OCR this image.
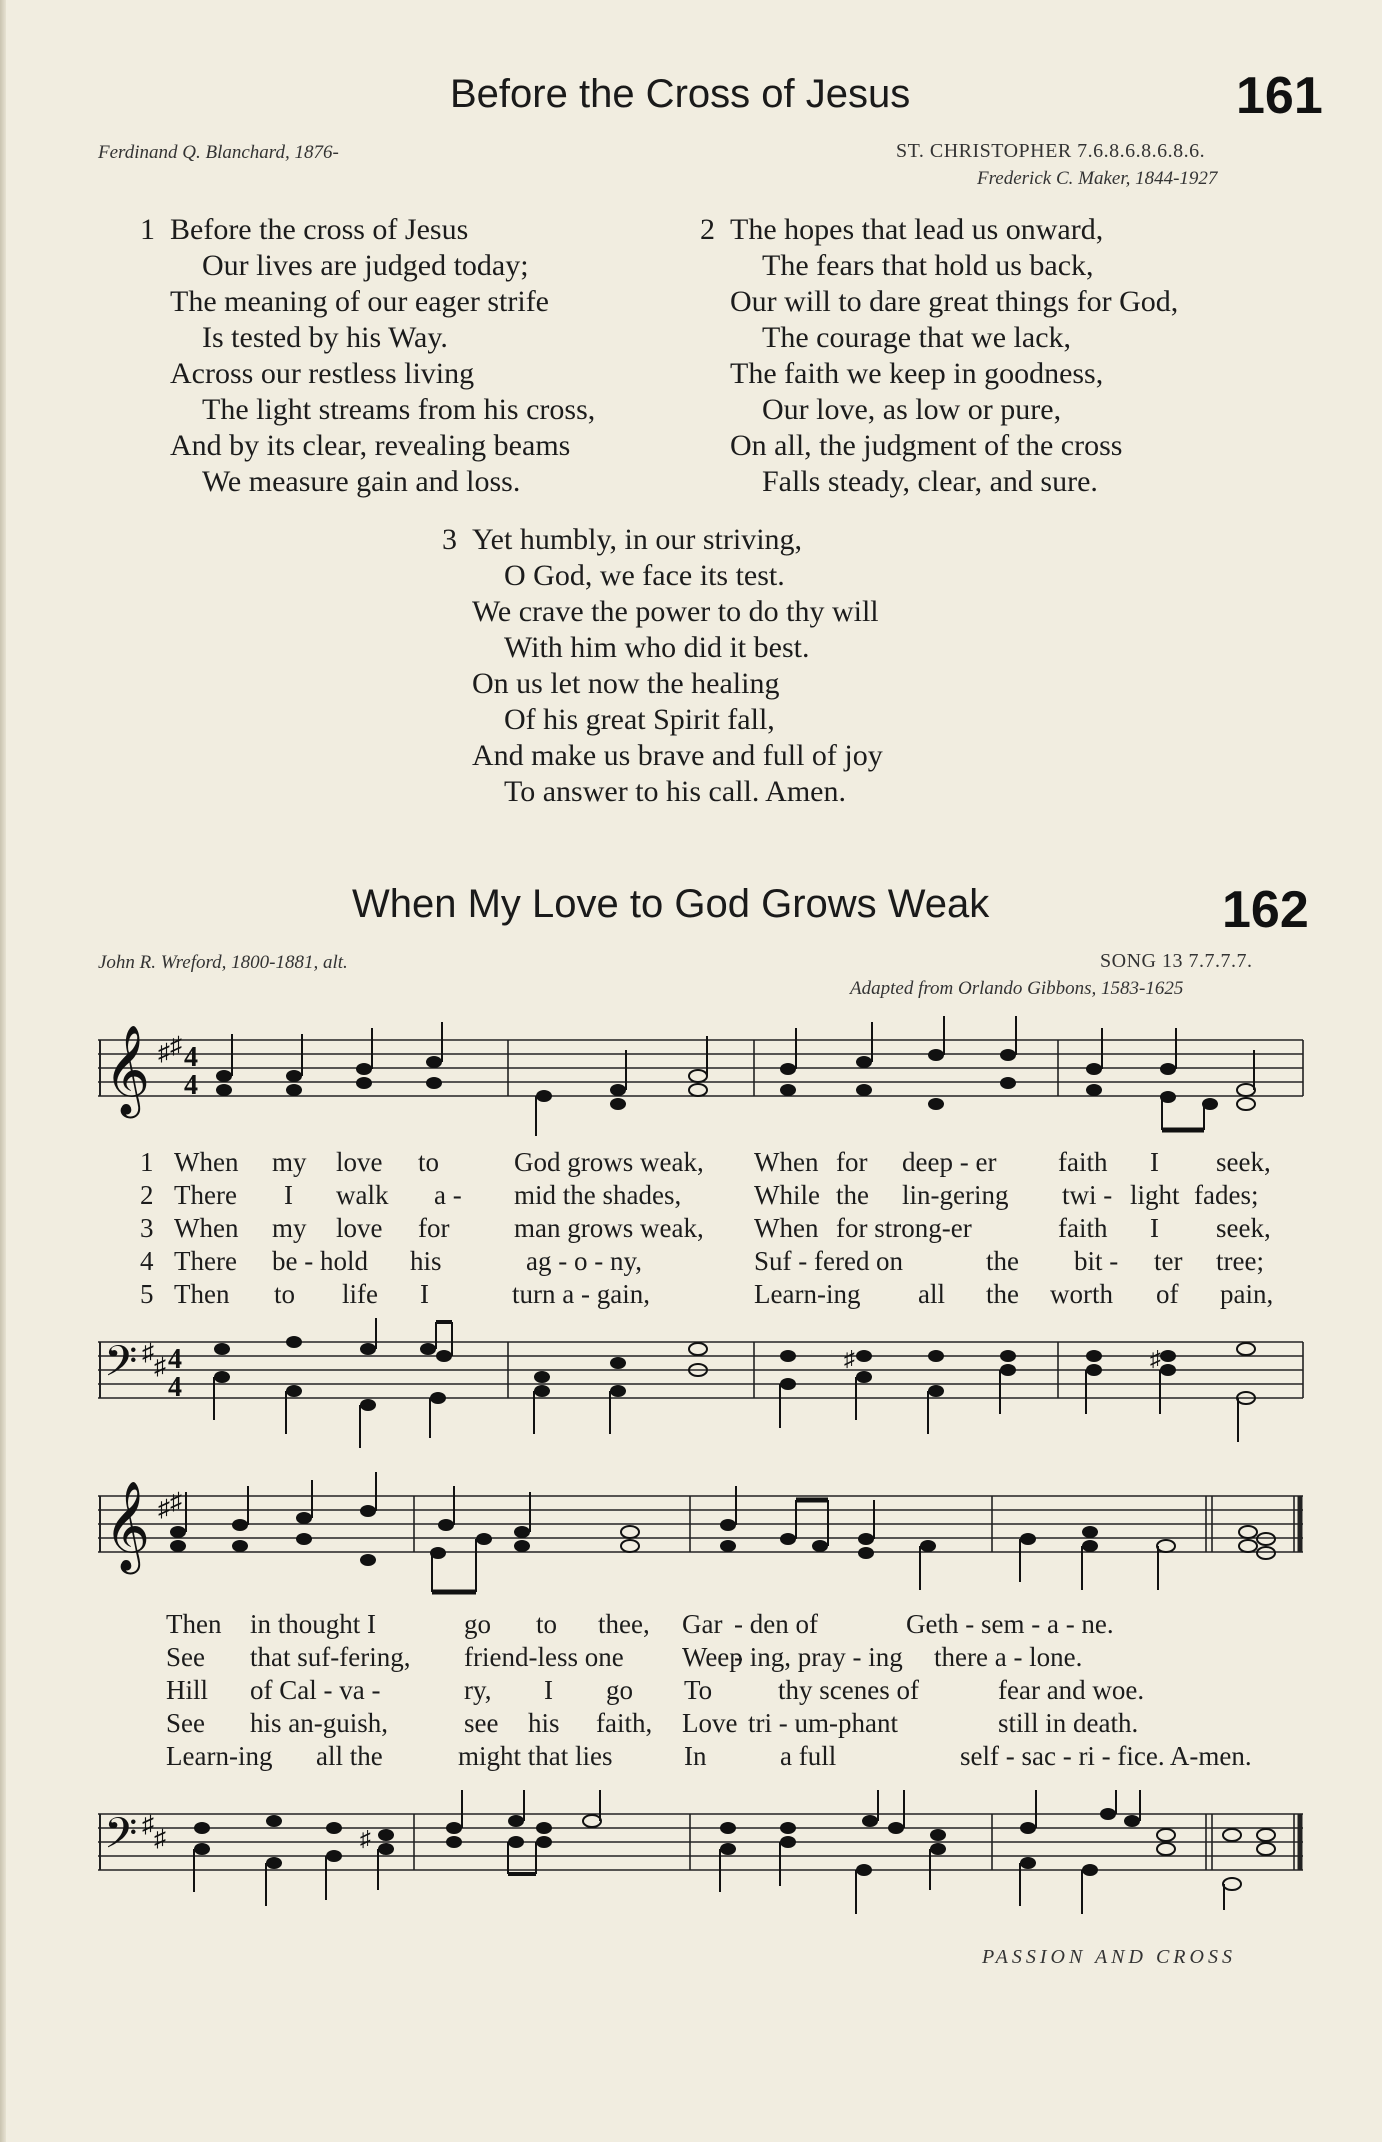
Before the Cross of Jesus	161
Ferdinand Q. Blanchard, 1876-	ST. CHRISTOPHER 7.6.8.6.8.6.8.6.
Frederick C. Maker, 1844-1927
1 Before the cross of Jesus
Our lives are judged today;
The meaning of our eager strife
Is tested by his Way.
Across our restless living
The light streams from his cross,
And by its clear, revealing beams
We measure gain and loss.
2 The hopes that lead us onward,
The fears that hold us back,
Our will to dare great things for God,
The courage that we lack,
The faith we keep in goodness,
Our love, as low or pure,
On all, the judgment of the cross
Falls steady, clear, and sure.
3 Yet humbly, in our striving,
O God, we face its test.
We crave the power to do thy will
With him who did it best.
On us let now the healing
Of his great Spirit fall,
And make us brave and full of joy
To answer to his call. Amen.
When My Love to God Grows Weak	162
John R. Wreford, 1800-1881, alt.	SONG 13 7.7.7.7.
Adapted from Orlando Gibbons, 1583-1625
𝄞 ♯ ♯ 4
4
1 When my love to	God grows weak, When for deep - er faith I seek,
2 There I walk a - mid the shades,	While the lin-gering twi - light fades;
3 When my love for man grows weak, When for strong-er	faith I seek,
4 There be - hold his	ag - o - ny,	Suf - fered on	the bit - ter tree;
5 Then to life I	turn a - gain,	Learn-ing all the worth of pain,
𝄢 ♯
♯ 4
4
♯	♯
𝄞 ♯ ♯
Then in thought I	go to thee, Gar - den of	Geth - sem - a - ne.
See that suf-fering, friend-less one Weep
- ing, pray - ing there a - lone.
Hill of Cal - va -	ry, I go To thy scenes of	fear and woe.
See his an-guish,	see his faith, Love tri - um-phant	still in death.
Learn-ing all the	might that lies	In	a full	self - sac - ri - fice. A-men.
𝄢 ♯
♯	♯
PASSION AND CROSS
